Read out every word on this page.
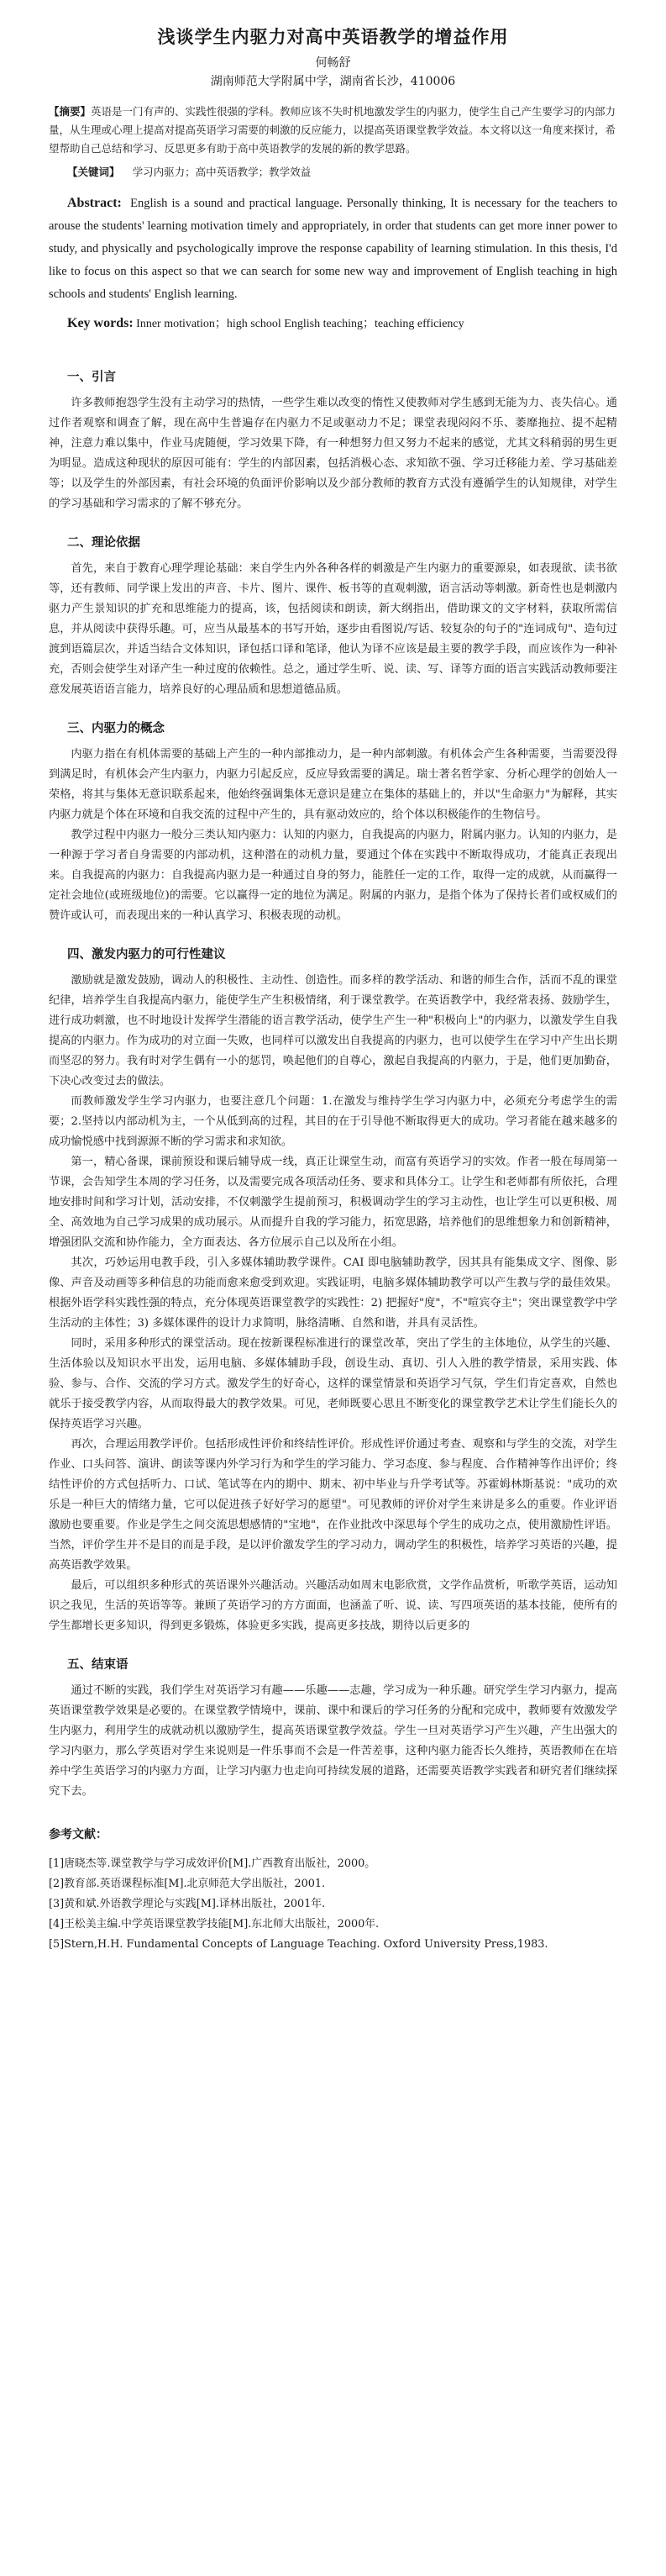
浅谈学生内驱力对高中英语教学的增益作用
何畅舒
湖南师范大学附属中学，湖南省长沙，410006

【摘要】英语是一门有声的、实践性很强的学科。教师应该不失时机地激发学生的内驱力，使学生自己产生要学习的内部力量，从生理或心理上提高对提高英语学习需要的刺激的反应能力，以提高英语课堂教学效益。本文将以这一角度来探讨，希望帮助自己总结和学习、反思更多有助于高中英语教学的发展的新的教学思路。

【关键词】 学习内驱力；高中英语教学；教学效益

Abstract: English is a sound and practical language. Personally thinking, It is necessary for the teachers to arouse the students' learning motivation timely and appropriately, in order that students can get more inner power to study, and physically and psychologically improve the response capability of learning stimulation. In this thesis, I'd like to focus on this aspect so that we can search for some new way and improvement of English teaching in high schools and students' English learning.

Key words: Inner motivation；high school English teaching；teaching efficiency

一、引言

许多教师抱怨学生没有主动学习的热情，一些学生难以改变的惰性又使教师对学生感到无能为力、丧失信心。通过作者观察和调查了解，现在高中生普遍存在内驱力不足或驱动力不足；课堂表现闷闷不乐、萎靡拖拉、提不起精神，注意力难以集中，作业马虎随便，学习效果下降，有一种想努力但又努力不起来的感觉，尤其文科稍弱的男生更为明显。造成这种现状的原因可能有：学生的内部因素，包括消极心态、求知欲不强、学习迁移能力差、学习基础差等；以及学生的外部因素，有社会环境的负面评价影响以及少部分教师的教育方式没有遵循学生的认知规律，对学生的学习基础和学习需求的了解不够充分。

二、理论依据

首先，来自于教育心理学理论基础：来自学生内外各种各样的刺激是产生内驱力的重要源泉，如表现欲、读书欲等，还有教师、同学课上发出的声音、卡片、图片、课件、板书等的直观刺激，语言活动等刺激。新奇性也是刺激内驱力产生景知识的扩充和思维能力的提高，该，包括阅读和朗读，新大纲指出，借助课文的文字材料，获取所需信息，并从阅读中获得乐趣。可，应当从最基本的书写开始，逐步由看图说/写话、较复杂的句子的"连词成句"、造句过渡到语篇层次，并适当结合文体知识，译包括口译和笔译，他认为译不应该是最主要的教学手段，而应该作为一种补充，否则会使学生对译产生一种过度的依赖性。总之，通过学生听、说、读、写、译等方面的语言实践活动教师要注意发展英语语言能力，培养良好的心理品质和思想道德品质。

三、内驱力的概念

内驱力指在有机体需要的基础上产生的一种内部推动力，是一种内部刺激。有机体会产生各种需要，当需要没得到满足时，有机体会产生内驱力，内驱力引起反应，反应导致需要的满足。瑞士著名哲学家、分析心理学的创始人一荣格，将其与集体无意识联系起来，他始终强调集体无意识是建立在集体的基础上的，并以"生命驱力"为解释，其实内驱力就是个体在环境和自我交流的过程中产生的，具有驱动效应的，给个体以积极能作的生物信号。

教学过程中内驱力一般分三类认知内驱力：认知的内驱力，自我提高的内驱力，附属内驱力。认知的内驱力，是一种源于学习者自身需要的内部动机，这种潜在的动机力量，要通过个体在实践中不断取得成功，才能真正表现出来。自我提高的内驱力：自我提高内驱力是一种通过自身的努力，能胜任一定的工作，取得一定的成就，从而赢得一定社会地位(或班级地位)的需要。它以赢得一定的地位为满足。附属的内驱力，是指个体为了保持长者们或权威们的赞许或认可，而表现出来的一种认真学习、积极表现的动机。

四、激发内驱力的可行性建议

激励就是激发鼓励，调动人的积极性、主动性、创造性。而多样的教学活动、和谐的师生合作，活而不乱的课堂纪律，培养学生自我提高内驱力，能使学生产生积极情绪，利于课堂教学。在英语教学中，我经常表扬、鼓励学生，进行成功刺激，也不时地设计发挥学生潜能的语言教学活动，使学生产生一种"积极向上"的内驱力，以激发学生自我提高的内驱力。作为成功的对立面一失败，也同样可以激发出自我提高的内驱力，也可以使学生在学习中产生出长期而坚忍的努力。我有时对学生偶有一小的惩罚，唤起他们的自尊心，激起自我提高的内驱力，于是，他们更加勤奋，下决心改变过去的做法。

而教师激发学生学习内驱力，也要注意几个问题：1.在激发与维持学生学习内驱力中，必须充分考虑学生的需要；2.坚持以内部动机为主，一个从低到高的过程，其目的在于引导他不断取得更大的成功。学习者能在越来越多的成功愉悦感中找到源源不断的学习需求和求知欲。

第一，精心备课，课前预设和课后辅导成一线，真正让课堂生动，而富有英语学习的实效。作者一般在每周第一节课，会告知学生本周的学习任务，以及需要完成各项活动任务、要求和具体分工。让学生和老师都有所依托，合理地安排时间和学习计划，活动安排，不仅刺激学生提前预习，积极调动学生的学习主动性，也让学生可以更积极、周全、高效地为自己学习成果的成功展示。从而提升自我的学习能力，拓宽思路，培养他们的思维想象力和创新精神，增强团队交流和协作能力，全方面表达、各方位展示自己以及所在小组。

其次，巧妙运用电教手段，引入多媒体辅助教学课件。CAI 即电脑辅助教学，因其具有能集成文字、图像、影像、声音及动画等多种信息的功能而愈来愈受到欢迎。实践证明，电脑多媒体辅助教学可以产生教与学的最佳效果。根据外语学科实践性强的特点，充分体现英语课堂教学的实践性：2) 把握好"度"，不"喧宾夺主"；突出课堂教学中学生活动的主体性；3) 多媒体课件的设计力求简明，脉络清晰、自然和谐，并具有灵活性。

同时，采用多种形式的课堂活动。现在按新课程标准进行的课堂改革，突出了学生的主体地位，从学生的兴趣、生活体验以及知识水平出发，运用电脑、多媒体辅助手段，创设生动、真切、引人入胜的教学情景，采用实践、体验、参与、合作、交流的学习方式。激发学生的好奇心，这样的课堂情景和英语学习气氛，学生们肯定喜欢，自然也就乐于接受教学内容，从而取得最大的教学效果。可见，老师既要心思且不断变化的课堂教学艺术让学生们能长久的保持英语学习兴趣。

再次，合理运用教学评价。包括形成性评价和终结性评价。形成性评价通过考查、观察和与学生的交流，对学生作业、口头问答、演讲、朗读等课内外学习行为和学生的学习能力、学习态度、参与程度、合作精神等作出评价；终结性评价的方式包括听力、口试、笔试等在内的期中、期末、初中毕业与升学考试等。苏霍姆林斯基说："成功的欢乐是一种巨大的情绪力量，它可以促进孩子好好学习的愿望"。可见教师的评价对学生来讲是多么的重要。作业评语激励也要重要。作业是学生之间交流思想感情的"宝地"，在作业批改中深思每个学生的成功之点，使用激励性评语。当然，评价学生并不是目的而是手段，是以评价激发学生的学习动力，调动学生的积极性，培养学习英语的兴趣，提高英语教学效果。

最后，可以组织多种形式的英语课外兴趣活动。兴趣活动如周末电影欣赏，文学作品赏析，听歌学英语，运动知识之我见，生活的英语等等。兼顾了英语学习的方方面面，也涵盖了听、说、读、写四项英语的基本技能，使所有的学生都增长更多知识，得到更多锻炼，体验更多实践，提高更多技战，期待以后更多的

五、结束语

通过不断的实践，我们学生对英语学习有趣——乐趣——志趣，学习成为一种乐趣。研究学生学习内驱力，提高英语课堂教学效果是必要的。在课堂教学情境中，课前、课中和课后的学习任务的分配和完成中，教师要有效激发学生内驱力，利用学生的成就动机以激励学生，提高英语课堂教学效益。学生一旦对英语学习产生兴趣，产生出强大的学习内驱力，那么学英语对学生来说则是一件乐事而不会是一件苦差事，这种内驱力能否长久维持，英语教师在在培养中学生英语学习的内驱力方面，让学习内驱力也走向可持续发展的道路，还需要英语教学实践者和研究者们继续探究下去。

参考文献：

[1]唐晓杰等.课堂教学与学习成效评价[M].广西教育出版社，2000。

[2]教育部.英语课程标准[M].北京师范大学出版社，2001.

[3]黄和斌.外语教学理论与实践[M].译林出版社，2001年.

[4]王松美主编.中学英语课堂教学技能[M].东北师大出版社，2000年.

[5]Stern,H.H. Fundamental Concepts of Language Teaching. Oxford University Press,1983.
